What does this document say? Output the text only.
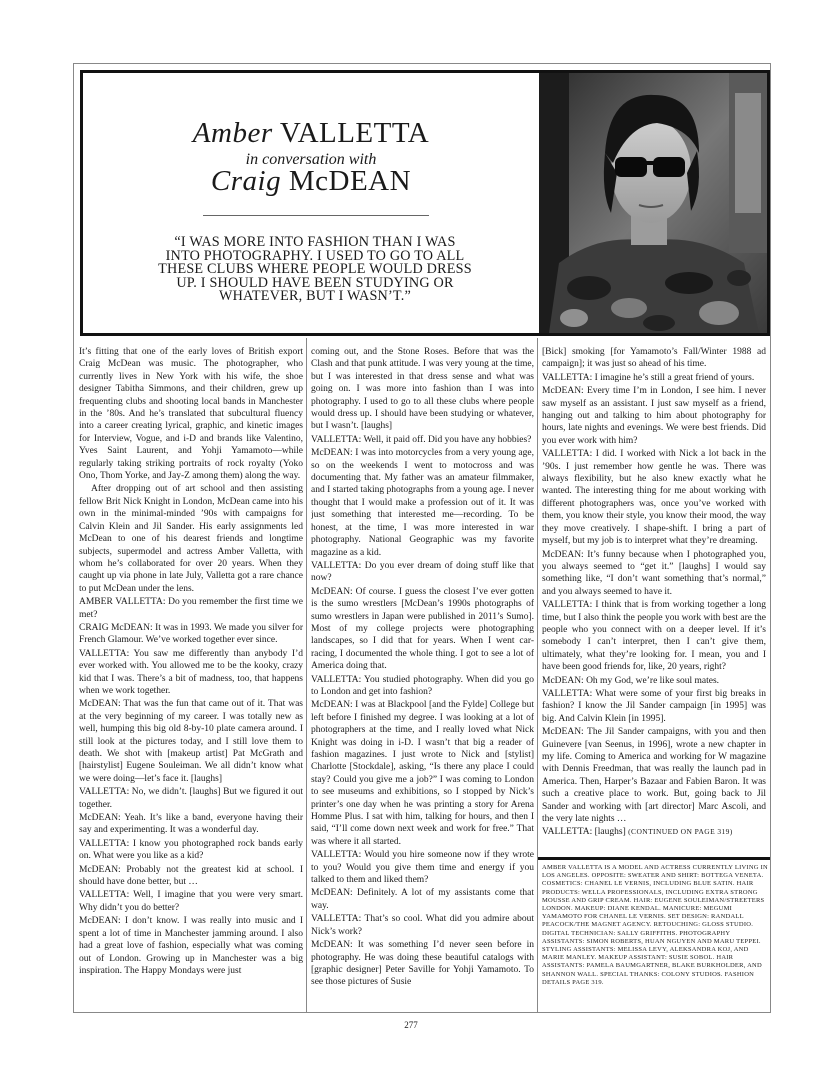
Amber VALLETTA
in conversation with
Craig McDEAN
“I WAS MORE INTO FASHION THAN I WAS
INTO PHOTOGRAPHY. I USED TO GO TO ALL
THESE CLUBS WHERE PEOPLE WOULD DRESS
UP. I SHOULD HAVE BEEN STUDYING OR
WHATEVER, BUT I WASN’T.”

It’s fitting that one of the early loves of British export Craig McDean was music. The photographer, who currently lives in New York with his wife, the shoe designer Tabitha Simmons, and their children, grew up frequenting clubs and shooting local bands in Manchester in the ’80s. And he’s translated that subcultural fluency into a career creating lyrical, graphic, and kinetic images for Interview, Vogue, and i-D and brands like Valentino, Yves Saint Laurent, and Yohji Yamamoto—while regularly taking striking portraits of rock royalty (Yoko Ono, Thom Yorke, and Jay-Z among them) along the way.

After dropping out of art school and then assisting fellow Brit Nick Knight in London, McDean came into his own in the minimal-minded ’90s with campaigns for Calvin Klein and Jil Sander. His early assignments led McDean to one of his dearest friends and longtime subjects, supermodel and actress Amber Valletta, with whom he’s collaborated for over 20 years. When they caught up via phone in late July, Valletta got a rare chance to put McDean under the lens.

AMBER VALLETTA: Do you remember the first time we met?

CRAIG McDEAN: It was in 1993. We made you silver for French Glamour. We’ve worked together ever since.

VALLETTA: You saw me differently than anybody I’d ever worked with. You allowed me to be the kooky, crazy kid that I was. There’s a bit of madness, too, that happens when we work together.

McDEAN: That was the fun that came out of it. That was at the very beginning of my career. I was totally new as well, humping this big old 8-by-10 plate camera around. I still look at the pictures today, and I still love them to death. We shot with [makeup artist] Pat McGrath and [hairstylist] Eugene Souleiman. We all didn’t know what we were doing—let’s face it. [laughs]

VALLETTA: No, we didn’t. [laughs] But we figured it out together.

McDEAN: Yeah. It’s like a band, everyone having their say and experimenting. It was a wonderful day.

VALLETTA: I know you photographed rock bands early on. What were you like as a kid?

McDEAN: Probably not the greatest kid at school. I should have done better, but …

VALLETTA: Well, I imagine that you were very smart. Why didn’t you do better?

McDEAN: I don’t know. I was really into music and I spent a lot of time in Manchester jamming around. I also had a great love of fashion, especially what was coming out of London. Growing up in Manchester was a big inspiration. The Happy Mondays were just

coming out, and the Stone Roses. Before that was the Clash and that punk attitude. I was very young at the time, but I was interested in that dress sense and what was going on. I was more into fashion than I was into photography. I used to go to all these clubs where people would dress up. I should have been studying or whatever, but I wasn’t. [laughs]

VALLETTA: Well, it paid off. Did you have any hobbies?

McDEAN: I was into motorcycles from a very young age, so on the weekends I went to motocross and was documenting that. My father was an amateur filmmaker, and I started taking photographs from a young age. I never thought that I would make a profession out of it. It was just something that interested me—recording. To be honest, at the time, I was more interested in war photography. National Geographic was my favorite magazine as a kid.

VALLETTA: Do you ever dream of doing stuff like that now?

McDEAN: Of course. I guess the closest I’ve ever gotten is the sumo wrestlers [McDean’s 1990s photographs of sumo wrestlers in Japan were published in 2011’s Sumo]. Most of my college projects were photographing landscapes, so I did that for years. When I went car-racing, I documented the whole thing. I got to see a lot of America doing that.

VALLETTA: You studied photography. When did you go to London and get into fashion?

McDEAN: I was at Blackpool [and the Fylde] College but left before I finished my degree. I was looking at a lot of photographers at the time, and I really loved what Nick Knight was doing in i-D. I wasn’t that big a reader of fashion magazines. I just wrote to Nick and [stylist] Charlotte [Stockdale], asking, “Is there any place I could stay? Could you give me a job?” I was coming to London to see museums and exhibitions, so I stopped by Nick’s printer’s one day when he was printing a story for Arena Homme Plus. I sat with him, talking for hours, and then I said, “I’ll come down next week and work for free.” That was where it all started.

VALLETTA: Would you hire someone now if they wrote to you? Would you give them time and energy if you talked to them and liked them?

McDEAN: Definitely. A lot of my assistants come that way.

VALLETTA: That’s so cool. What did you admire about Nick’s work?

McDEAN: It was something I’d never seen before in photography. He was doing these beautiful catalogs with [graphic designer] Peter Saville for Yohji Yamamoto. To see those pictures of Susie

[Bick] smoking [for Yamamoto’s Fall/Winter 1988 ad campaign]; it was just so ahead of his time.

VALLETTA: I imagine he’s still a great friend of yours.

McDEAN: Every time I’m in London, I see him. I never saw myself as an assistant. I just saw myself as a friend, hanging out and talking to him about photography for hours, late nights and evenings. We were best friends. Did you ever work with him?

VALLETTA: I did. I worked with Nick a lot back in the ’90s. I just remember how gentle he was. There was always flexibility, but he also knew exactly what he wanted. The interesting thing for me about working with different photographers was, once you’ve worked with them, you know their style, you know their mood, the way they move creatively. I shape-shift. I bring a part of myself, but my job is to interpret what they’re dreaming.

McDEAN: It’s funny because when I photographed you, you always seemed to “get it.” [laughs] I would say something like, “I don’t want something that’s normal,” and you always seemed to have it.

VALLETTA: I think that is from working together a long time, but I also think the people you work with best are the people who you connect with on a deeper level. If it’s somebody I can’t interpret, then I can’t give them, ultimately, what they’re looking for. I mean, you and I have been good friends for, like, 20 years, right?

McDEAN: Oh my God, we’re like soul mates.

VALLETTA: What were some of your first big breaks in fashion? I know the Jil Sander campaign [in 1995] was big. And Calvin Klein [in 1995].

McDEAN: The Jil Sander campaigns, with you and then Guinevere [van Seenus, in 1996], wrote a new chapter in my life. Coming to America and working for W magazine with Dennis Freedman, that was really the launch pad in America. Then, Harper’s Bazaar and Fabien Baron. It was such a creative place to work. But, going back to Jil Sander and working with [art director] Marc Ascoli, and the very late nights …

VALLETTA: [laughs] (CONTINUED ON PAGE 319)

AMBER VALLETTA IS A MODEL AND ACTRESS CURRENTLY LIVING IN LOS ANGELES. OPPOSITE: SWEATER AND SHIRT: BOTTEGA VENETA. COSMETICS: CHANEL LE VERNIS, INCLUDING BLUE SATIN. HAIR PRODUCTS: WELLA PROFESSIONALS, INCLUDING EXTRA STRONG MOUSSE AND GRIP CREAM. HAIR: EUGENE SOULEIMAN/STREETERS LONDON. MAKEUP: DIANE KENDAL. MANICURE: MEGUMI YAMAMOTO FOR CHANEL LE VERNIS. SET DESIGN: RANDALL PEACOCK/THE MAGNET AGENCY. RETOUCHING: GLOSS STUDIO. DIGITAL TECHNICIAN: SALLY GRIFFITHS. PHOTOGRAPHY ASSISTANTS: SIMON ROBERTS, HUAN NGUYEN AND MARU TEPPEI. STYLING ASSISTANTS: MELISSA LEVY, ALEKSANDRA KOJ, AND MARIE MANLEY. MAKEUP ASSISTANT: SUSIE SOBOL. HAIR ASSISTANTS: PAMELA BAUMGARTNER, BLAKE BURKHOLDER, AND SHANNON WALL. SPECIAL THANKS: COLONY STUDIOS. FASHION DETAILS PAGE 319.
277
